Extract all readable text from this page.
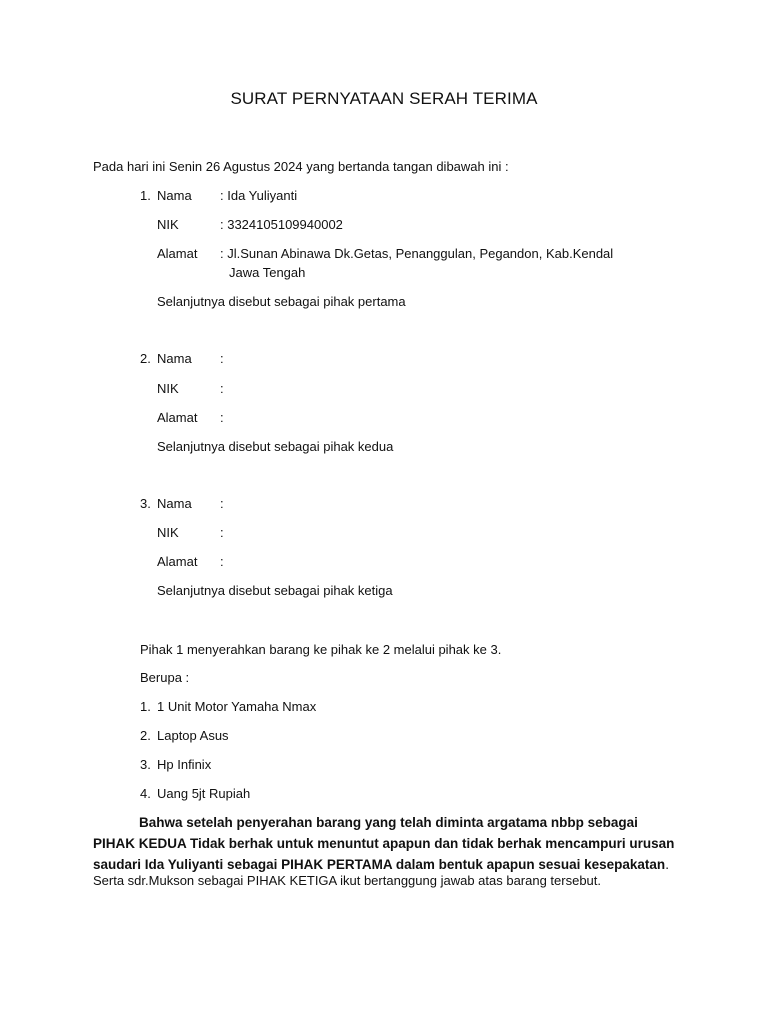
SURAT PERNYATAAN SERAH TERIMA
Pada hari ini Senin 26 Agustus 2024 yang bertanda tangan dibawah ini :
1. Nama : Ida Yuliyanti
NIK	: 3324105109940002
Alamat : Jl.Sunan Abinawa Dk.Getas, Penanggulan, Pegandon, Kab.Kendal
Jawa Tengah
Selanjutnya disebut sebagai pihak pertama
2. Nama :
NIK	:
Alamat :
Selanjutnya disebut sebagai pihak kedua
3. Nama :
NIK	:
Alamat :
Selanjutnya disebut sebagai pihak ketiga
Pihak 1 menyerahkan barang ke pihak ke 2 melalui pihak ke 3.
Berupa :
1. 1 Unit Motor Yamaha Nmax
2. Laptop Asus
3. Hp Infinix
4. Uang 5jt Rupiah
Bahwa setelah penyerahan barang yang telah diminta argatama nbbp sebagai PIHAK KEDUA Tidak berhak untuk menuntut apapun dan tidak berhak mencampuri urusan saudari Ida Yuliyanti sebagai PIHAK PERTAMA dalam bentuk apapun sesuai kesepakatan.
Serta sdr.Mukson sebagai PIHAK KETIGA ikut bertanggung jawab atas barang tersebut.
